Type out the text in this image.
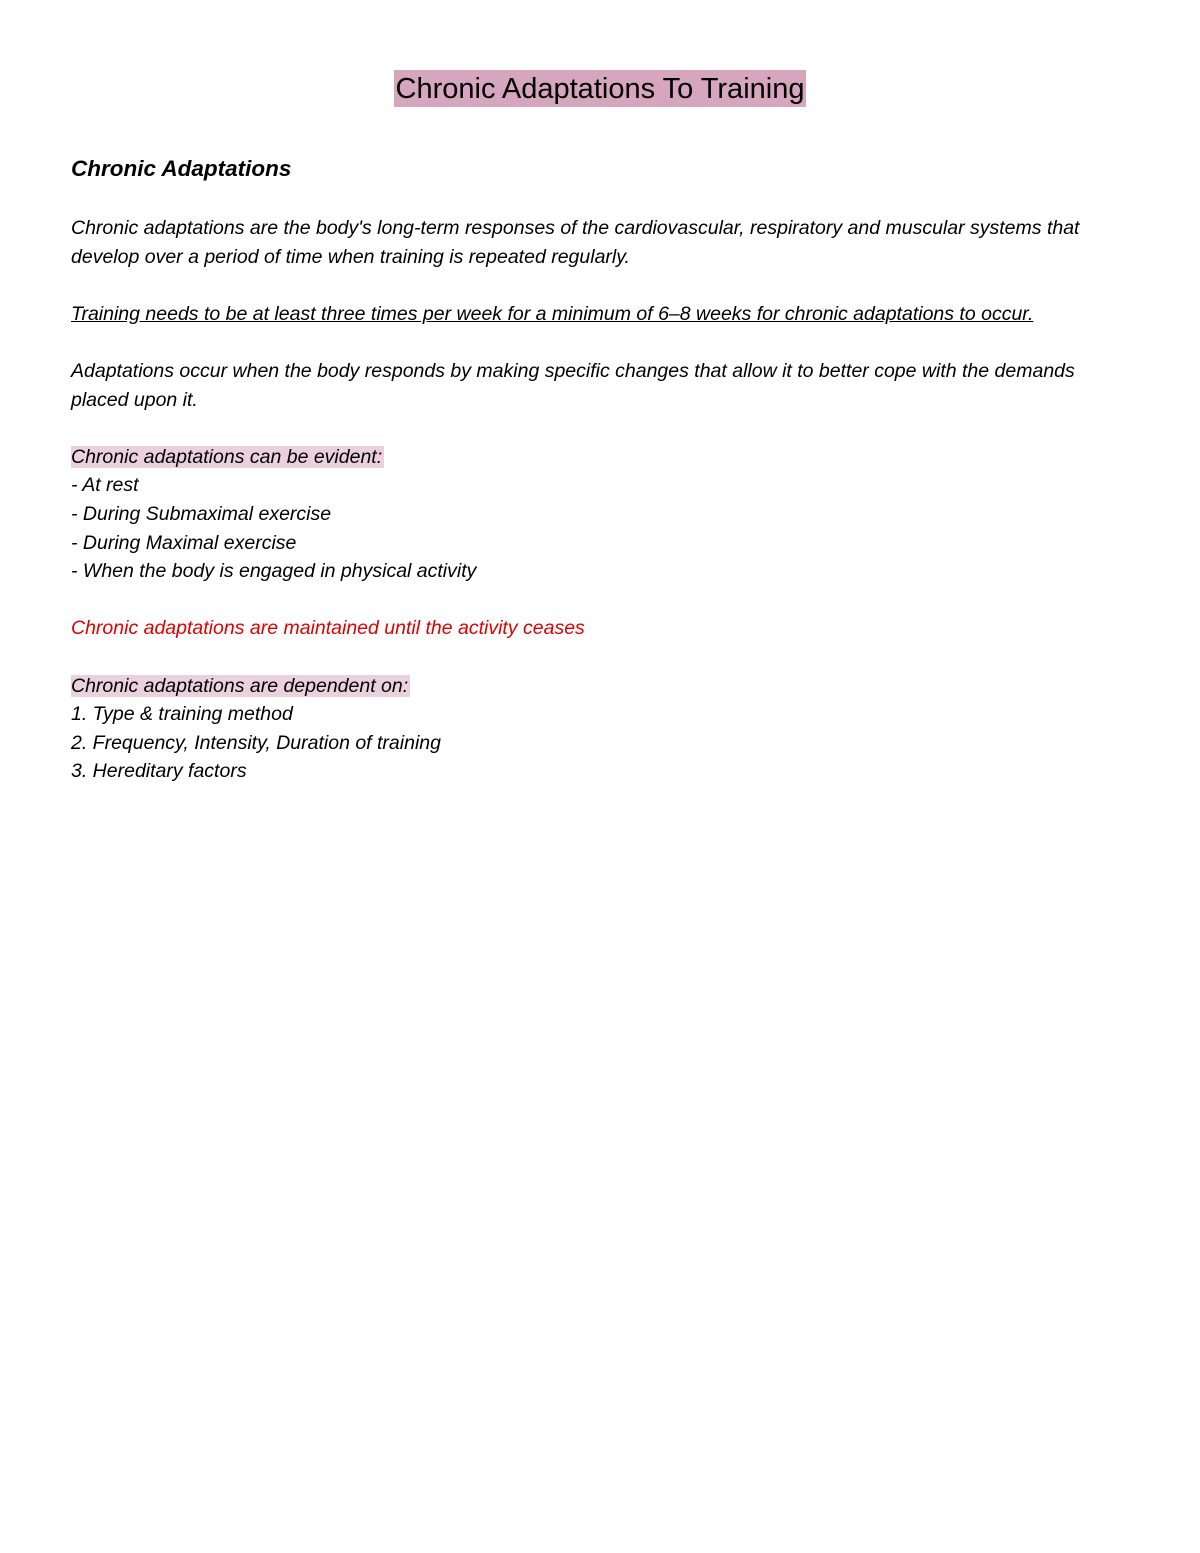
Chronic Adaptations To Training
Chronic Adaptations

Chronic adaptations are the body's long-term responses of the cardiovascular, respiratory and muscular systems that develop over a period of time when training is repeated regularly.

Training needs to be at least three times per week for a minimum of 6–8 weeks for chronic adaptations to occur.

Adaptations occur when the body responds by making specific changes that allow it to better cope with the demands placed upon it.

Chronic adaptations can be evident:

- At rest

- During Submaximal exercise

- During Maximal exercise

- When the body is engaged in physical activity

Chronic adaptations are maintained until the activity ceases

Chronic adaptations are dependent on:

1. Type & training method

2. Frequency, Intensity, Duration of training

3. Hereditary factors
